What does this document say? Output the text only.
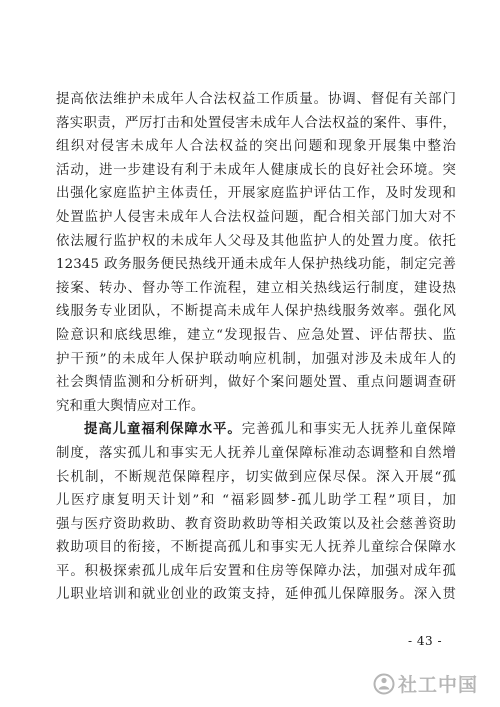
提高依法维护未成年人合法权益工作质量。协调、督促有关部门
落实职责，严厉打击和处置侵害未成年人合法权益的案件、事件，
组织对侵害未成年人合法权益的突出问题和现象开展集中整治
活动，进一步建设有利于未成年人健康成长的良好社会环境。突
出强化家庭监护主体责任，开展家庭监护评估工作，及时发现和
处置监护人侵害未成年人合法权益问题，配合相关部门加大对不
依法履行监护权的未成年人父母及其他监护人的处置力度。依托
12345 政务服务便民热线开通未成年人保护热线功能，制定完善
接案、转办、督办等工作流程，建立相关热线运行制度，建设热
线服务专业团队，不断提高未成年人保护热线服务效率。强化风
险意识和底线思维，建立“发现报告、应急处置、评估帮扶、监
护干预”的未成年人保护联动响应机制，加强对涉及未成年人的
社会舆情监测和分析研判，做好个案问题处置、重点问题调查研
究和重大舆情应对工作。
提高儿童福利保障水平。完善孤儿和事实无人抚养儿童保障
制度，落实孤儿和事实无人抚养儿童保障标准动态调整和自然增
长机制，不断规范保障程序，切实做到应保尽保。深入开展“孤
儿医疗康复明天计划”和 “福彩圆梦-孤儿助学工程”项目，加
强与医疗资助救助、教育资助救助等相关政策以及社会慈善资助
救助项目的衔接，不断提高孤儿和事实无人抚养儿童综合保障水
平。积极探索孤儿成年后安置和住房等保障办法，加强对成年孤
儿职业培训和就业创业的政策支持，延伸孤儿保障服务。深入贯
- 43 -
社工中国
